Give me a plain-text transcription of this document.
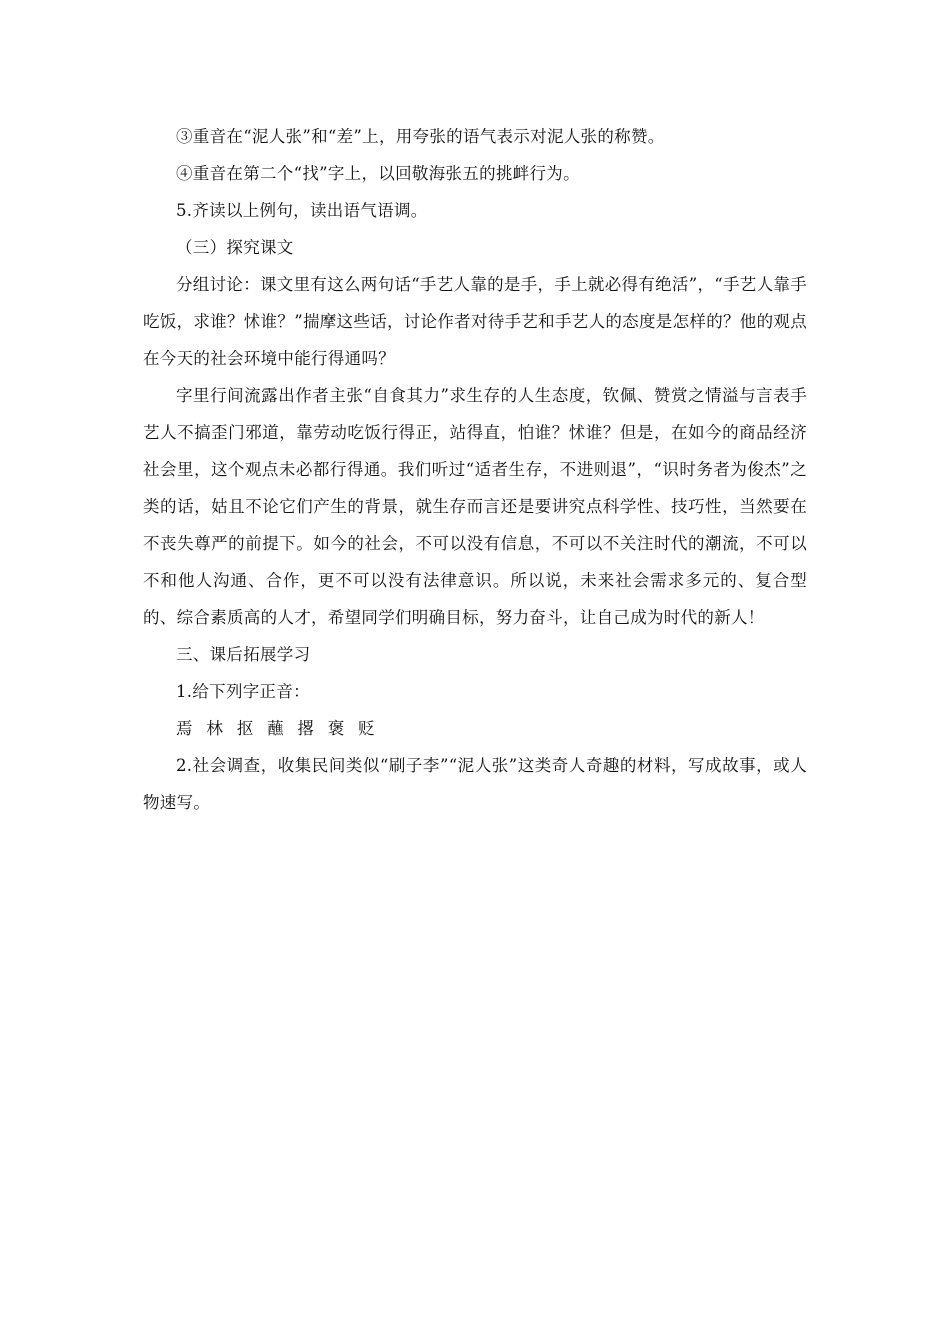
③重音在“泥人张”和“差”上，用夸张的语气表示对泥人张的称赞。

④重音在第二个“找”字上，以回敬海张五的挑衅行为。

5.齐读以上例句，读出语气语调。

（三）探究课文

分组讨论：课文里有这么两句话“手艺人靠的是手，手上就必得有绝活”，“手艺人靠手吃饭，求谁？怵谁？”揣摩这些话，讨论作者对待手艺和手艺人的态度是怎样的？他的观点在今天的社会环境中能行得通吗？

字里行间流露出作者主张“自食其力”求生存的人生态度，钦佩、赞赏之情溢与言表手艺人不搞歪门邪道，靠劳动吃饭行得正，站得直，怕谁？怵谁？但是，在如今的商品经济社会里，这个观点未必都行得通。我们听过“适者生存，不进则退”，“识时务者为俊杰”之类的话，姑且不论它们产生的背景，就生存而言还是要讲究点科学性、技巧性，当然要在不丧失尊严的前提下。如今的社会，不可以没有信息，不可以不关注时代的潮流，不可以不和他人沟通、合作，更不可以没有法律意识。所以说，未来社会需求多元的、复合型的、综合素质高的人才，希望同学们明确目标，努力奋斗，让自己成为时代的新人！

三、课后拓展学习

1.给下列字正音：

焉 林 抠 蘸 撂 褒 贬

2.社会调查，收集民间类似“刷子李”“泥人张”这类奇人奇趣的材料，写成故事，或人物速写。
